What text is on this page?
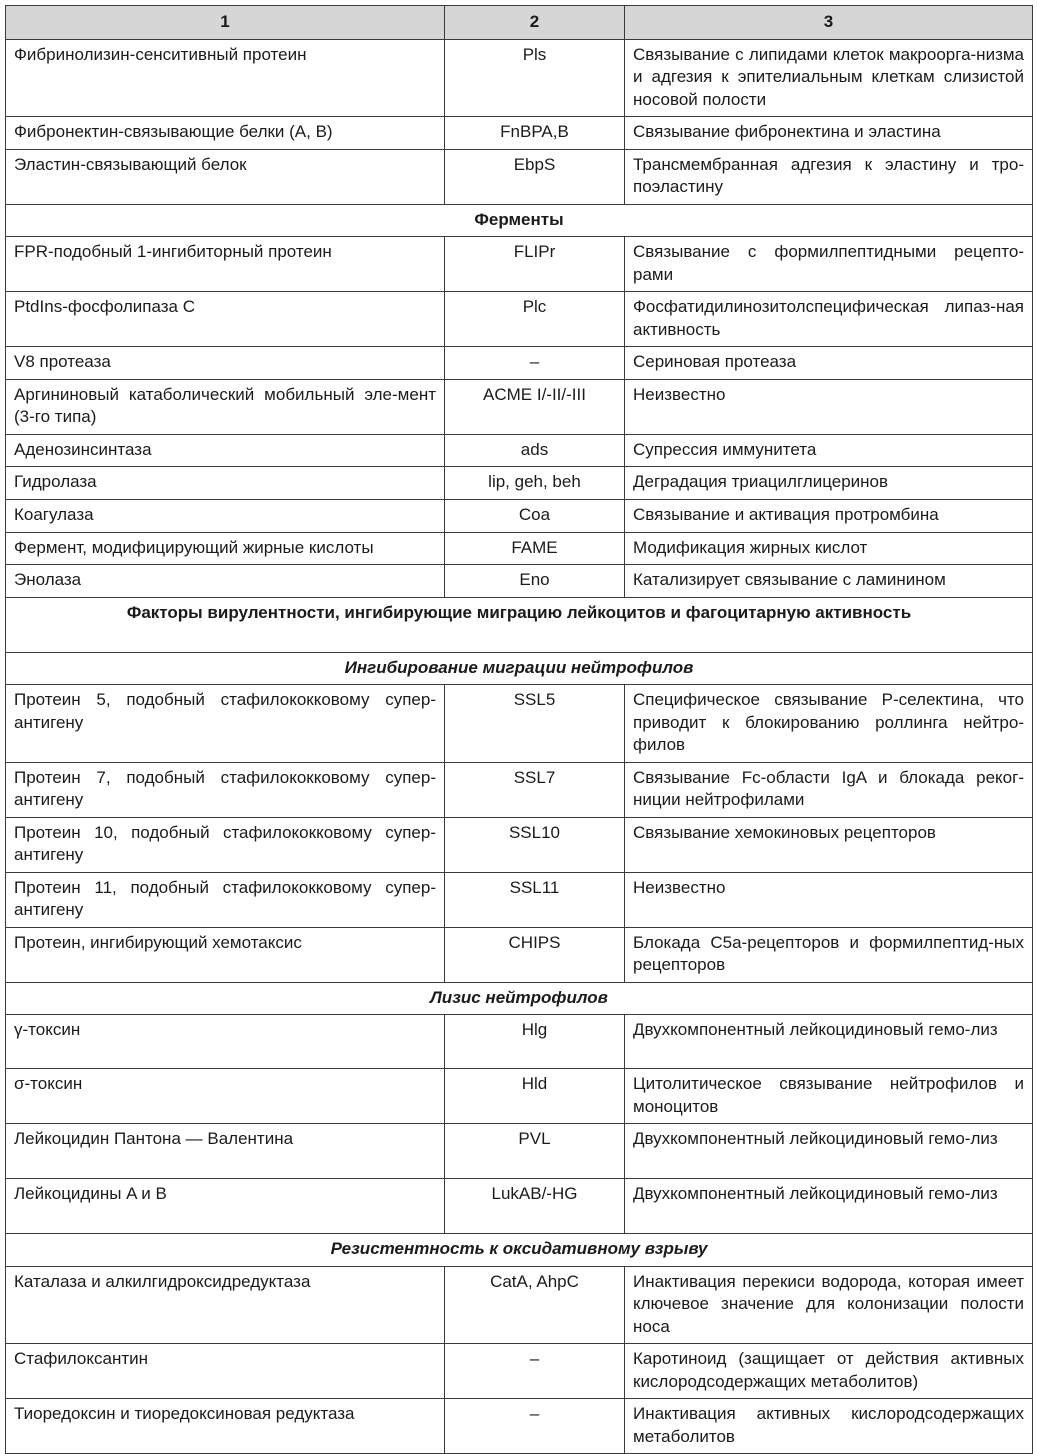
1	2	3
Фибринолизин-сенситивный протеин	Pls	Связывание с липидами клеток макроорга-низма и адгезия к эпителиальным клеткам слизистой носовой полости
Фибронектин-связывающие белки (A, B)	FnBPA,B	Связывание фибронектина и эластина
Эластин-связывающий белок	EbpS	Трансмембранная адгезия к эластину и тро-поэластину
Ферменты		
FPR-подобный 1-ингибиторный протеин	FLIPr	Связывание с формилпептидными рецепто-рами
PtdIns-фосфолипаза C	Plc	Фосфатидилинозитолспецифическая липаз-ная активность
V8 протеаза	–	Сериновая протеаза
Аргининовый катаболический мобильный эле-мент (3-го типа)	ACME I/-II/-III	Неизвестно
Аденозинсинтаза	ads	Супрессия иммунитета
Гидролаза	lip, geh, beh	Деградация триацилглицеринов
Коагулаза	Coa	Связывание и активация протромбина
Фермент, модифицирующий жирные кислоты	FAME	Модификация жирных кислот
Энолаза	Eno	Катализирует связывание с ламинином
Факторы вирулентности, ингибирующие миграцию лейкоцитов и фагоцитарную активность		
Ингибирование миграции нейтрофилов		
Протеин 5, подобный стафилококковому супер-антигену	SSL5	Специфическое связывание P-селектина, что приводит к блокированию роллинга нейтро-филов
Протеин 7, подобный стафилококковому супер-антигену	SSL7	Связывание Fc-области IgA и блокада реког-ниции нейтрофилами
Протеин 10, подобный стафилококковому супер-антигену	SSL10	Связывание хемокиновых рецепторов
Протеин 11, подобный стафилококковому супер-антигену	SSL11	Неизвестно
Протеин, ингибирующий хемотаксис	CHIPS	Блокада C5a-рецепторов и формилпептид-ных рецепторов
Лизис нейтрофилов		
γ-токсин	Hlg	Двухкомпонентный лейкоцидиновый гемо-лиз
σ-токсин	Hld	Цитолитическое связывание нейтрофилов и моноцитов
Лейкоцидин Пантона — Валентина	PVL	Двухкомпонентный лейкоцидиновый гемо-лиз
Лейкоцидины A и B	LukAB/-HG	Двухкомпонентный лейкоцидиновый гемо-лиз
Резистентность к оксидативному взрыву		
Каталаза и алкилгидроксидредуктаза	CatA, AhpC	Инактивация перекиси водорода, которая имеет ключевое значение для колонизации полости носа
Стафилоксантин	–	Каротиноид (защищает от действия активных кислородсодержащих метаболитов)
Тиоредоксин и тиоредоксиновая редуктаза	–	Инактивация активных кислородсодержащих метаболитов
